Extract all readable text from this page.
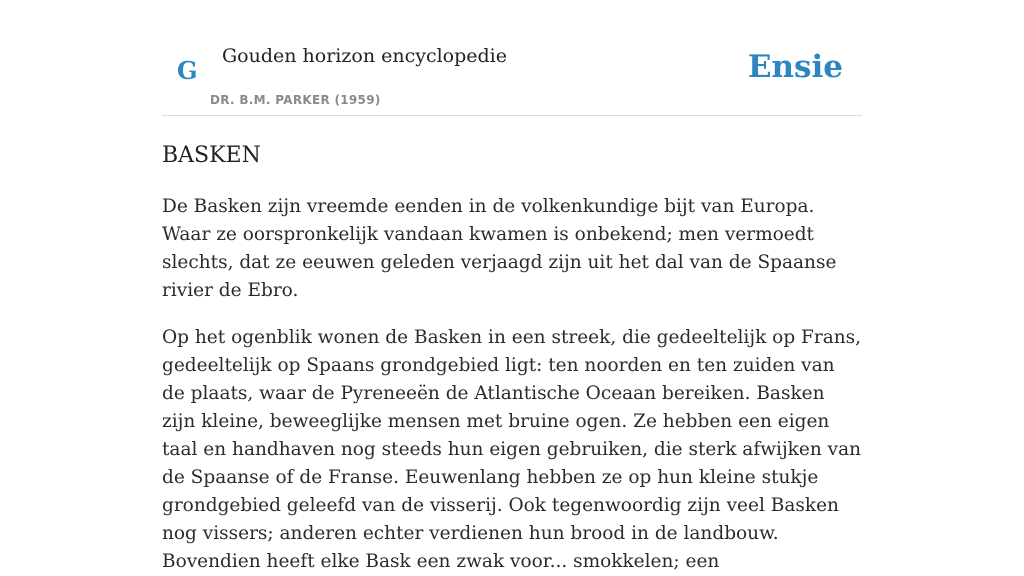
G Gouden horizon encyclopedie
DR. B.M. PARKER (1959)
Ensie
BASKEN

De Basken zijn vreemde eenden in de volkenkundige bijt van Europa. Waar ze oorspronkelijk vandaan kwamen is onbekend; men vermoedt slechts, dat ze eeuwen geleden verjaagd zijn uit het dal van de Spaanse rivier de Ebro.

Op het ogenblik wonen de Basken in een streek, die gedeeltelijk op Frans, gedeeltelijk op Spaans grondgebied ligt: ten noorden en ten zuiden van de plaats, waar de Pyreneeën de Atlantische Oceaan bereiken. Basken zijn kleine, beweeglijke mensen met bruine ogen. Ze hebben een eigen taal en handhaven nog steeds hun eigen gebruiken, die sterk afwijken van de Spaanse of de Franse. Eeuwenlang hebben ze op hun kleine stukje grondgebied geleefd van de visserij. Ook tegenwoordig zijn veel Basken nog vissers; anderen echter verdienen hun brood in de landbouw. Bovendien heeft elke Bask een zwak voor... smokkelen; een
